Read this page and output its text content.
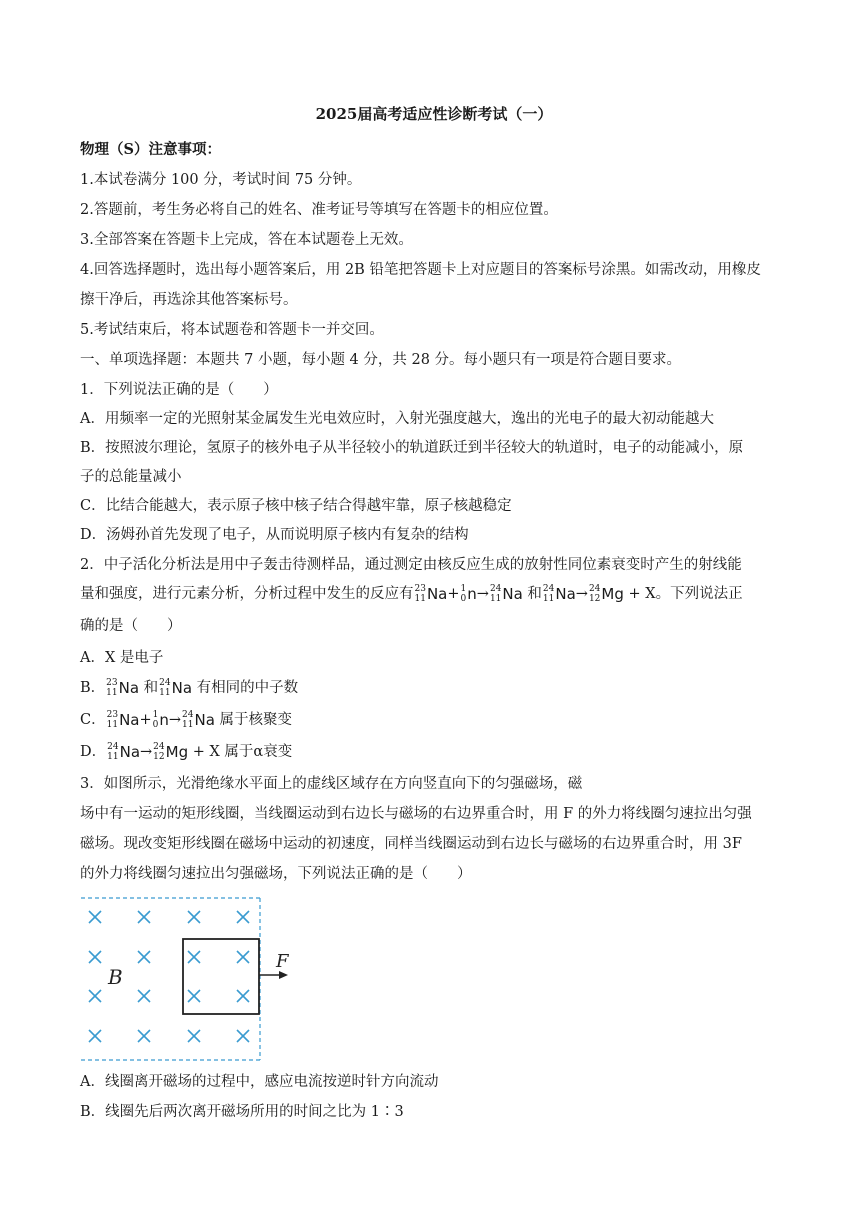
2025届高考适应性诊断考试（一）
物理（S）注意事项：
1.本试卷满分 100 分，考试时间 75 分钟。
2.答题前，考生务必将自己的姓名、准考证号等填写在答题卡的相应位置。
3.全部答案在答题卡上完成，答在本试题卷上无效。
4.回答选择题时，选出每小题答案后，用 2B 铅笔把答题卡上对应题目的答案标号涂黑。如需改动，用橡皮
擦干净后，再选涂其他答案标号。
5.考试结束后，将本试题卷和答题卡一并交回。
一、单项选择题：本题共 7 小题，每小题 4 分，共 28 分。每小题只有一项是符合题目要求。
1．下列说法正确的是（　　）
A．用频率一定的光照射某金属发生光电效应时，入射光强度越大，逸出的光电子的最大初动能越大
B．按照波尔理论，氢原子的核外电子从半径较小的轨道跃迁到半径较大的轨道时，电子的动能减小，原
子的总能量减小
C．比结合能越大，表示原子核中核子结合得越牢靠，原子核越稳定
D．汤姆孙首先发现了电子，从而说明原子核内有复杂的结构
2．中子活化分析法是用中子轰击待测样品，通过测定由核反应生成的放射性同位素衰变时产生的射线能
量和强度，进行元素分析，分析过程中发生的反应有 23
11 Na + 1
0 n → 24
11 Na 和 24
11 Na → 24
12 Mg + X。下列说法正
确的是（　　）
A．X 是电子
B． 23
11 Na 和 24
11 Na 有相同的中子数
C． 23
11 Na + 1
0 n → 24
11 Na 属于核聚变
D． 24
11 Na → 24
12 Mg + X 属于α衰变
3．如图所示，光滑绝缘水平面上的虚线区域存在方向竖直向下的匀强磁场，磁
场中有一运动的矩形线圈，当线圈运动到右边长与磁场的右边界重合时，用 F 的外力将线圈匀速拉出匀强
磁场。现改变矩形线圈在磁场中运动的初速度，同样当线圈运动到右边长与磁场的右边界重合时，用 3F
的外力将线圈匀速拉出匀强磁场，下列说法正确的是（　　）
F
B
A．线圈离开磁场的过程中，感应电流按逆时针方向流动
B．线圈先后两次离开磁场所用的时间之比为 1∶3
